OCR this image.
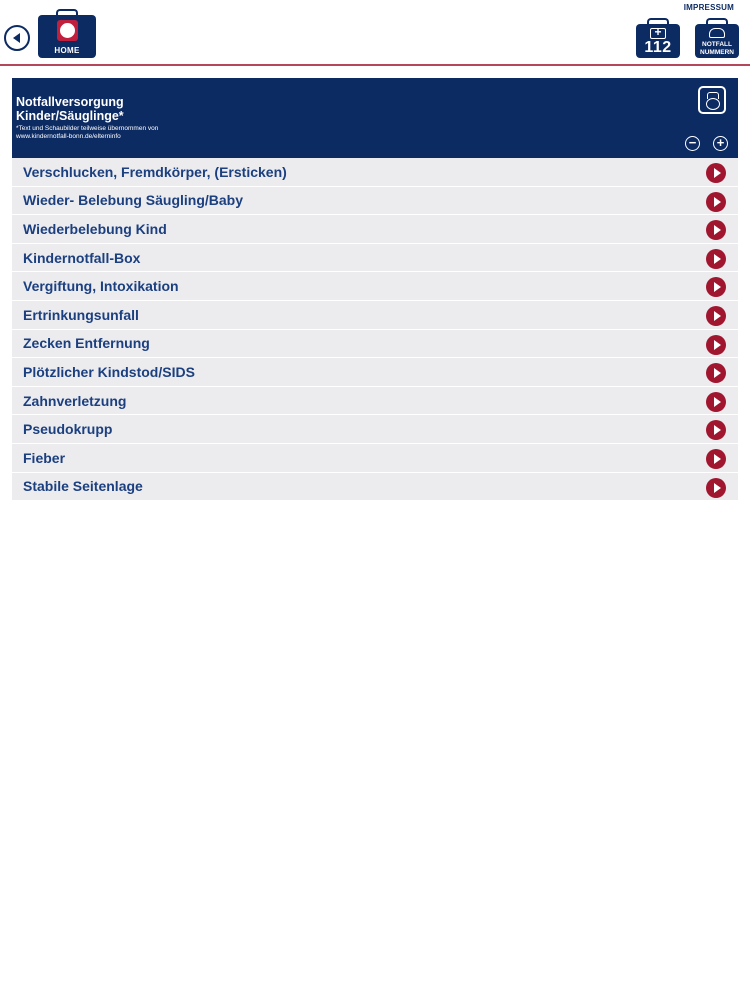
HOME
IMPRESSUM
+
112	NOTFALL
NUMMERN
Notfallversorgung
Kinder/Säuglinge*
*Text und Schaubilder teilweise übernommen von
www.kindernotfall-bonn.de/elterninfo	− +
Verschlucken, Fremdkörper, (Ersticken)
Wieder- Belebung Säugling/Baby
Wiederbelebung Kind
Kindernotfall-Box
Vergiftung, Intoxikation
Ertrinkungsunfall
Zecken Entfernung
Plötzlicher Kindstod/SIDS
Zahnverletzung
Pseudokrupp
Fieber
Stabile Seitenlage
